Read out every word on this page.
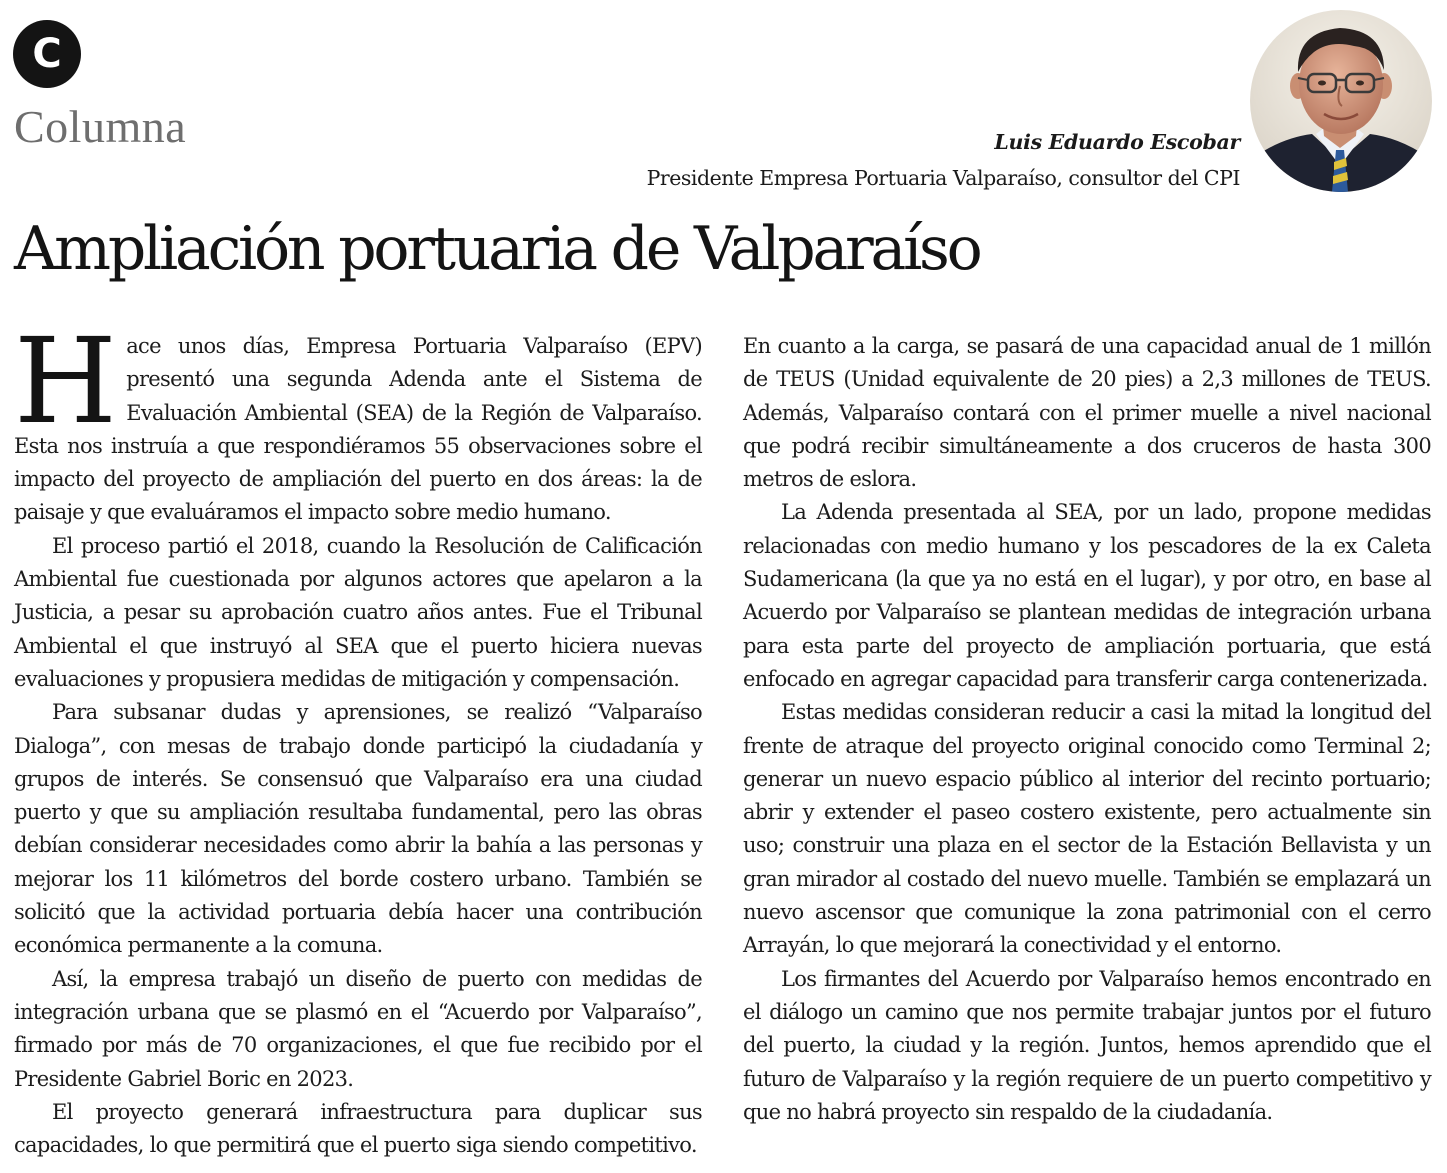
C
Columna	Luis Eduardo Escobar
Presidente Empresa Portuaria Valparaíso, consultor del CPI
Ampliación portuaria de Valparaíso

Hace unos días, Empresa Portuaria Valparaíso (EPV) presentó una segunda Adenda ante el Sistema de Evaluación Ambiental (SEA) de la Región de Valparaíso. Esta nos instruía a que respondiéramos 55 observaciones sobre el impacto del proyecto de ampliación del puerto en dos áreas: la de paisaje y que evaluáramos el impacto sobre medio humano.

El proceso partió el 2018, cuando la Resolución de Calificación Ambiental fue cuestionada por algunos actores que apelaron a la Justicia, a pesar su aprobación cuatro años antes. Fue el Tribunal Ambiental el que instruyó al SEA que el puerto hiciera nuevas evaluaciones y propusiera medidas de mitigación y compensación.

Para subsanar dudas y aprensiones, se realizó “Valparaíso Dialoga”, con mesas de trabajo donde participó la ciudadanía y grupos de interés. Se consensuó que Valparaíso era una ciudad puerto y que su ampliación resultaba fundamental, pero las obras debían considerar necesidades como abrir la bahía a las personas y mejorar los 11 kilómetros del borde costero urbano. También se solicitó que la actividad portuaria debía hacer una contribución económica permanente a la comuna.

Así, la empresa trabajó un diseño de puerto con medidas de integración urbana que se plasmó en el “Acuerdo por Valparaíso”, firmado por más de 70 organizaciones, el que fue recibido por el Presidente Gabriel Boric en 2023.

El proyecto generará infraestructura para duplicar sus capacidades, lo que permitirá que el puerto siga siendo competitivo.

En cuanto a la carga, se pasará de una capacidad anual de 1 millón de TEUS (Unidad equivalente de 20 pies) a 2,3 millones de TEUS. Además, Valparaíso contará con el primer muelle a nivel nacional que podrá recibir simultáneamente a dos cruceros de hasta 300 metros de eslora.

La Adenda presentada al SEA, por un lado, propone medidas relacionadas con medio humano y los pescadores de la ex Caleta Sudamericana (la que ya no está en el lugar), y por otro, en base al Acuerdo por Valparaíso se plantean medidas de integración urbana para esta parte del proyecto de ampliación portuaria, que está enfocado en agregar capacidad para transferir carga contenerizada.

Estas medidas consideran reducir a casi la mitad la longitud del frente de atraque del proyecto original conocido como Terminal 2; generar un nuevo espacio público al interior del recinto portuario; abrir y extender el paseo costero existente, pero actualmente sin uso; construir una plaza en el sector de la Estación Bellavista y un gran mirador al costado del nuevo muelle. También se emplazará un nuevo ascensor que comunique la zona patrimonial con el cerro Arrayán, lo que mejorará la conectividad y el entorno.

Los firmantes del Acuerdo por Valparaíso hemos encontrado en el diálogo un camino que nos permite trabajar juntos por el futuro del puerto, la ciudad y la región. Juntos, hemos aprendido que el futuro de Valparaíso y la región requiere de un puerto competitivo y que no habrá proyecto sin respaldo de la ciudadanía.
